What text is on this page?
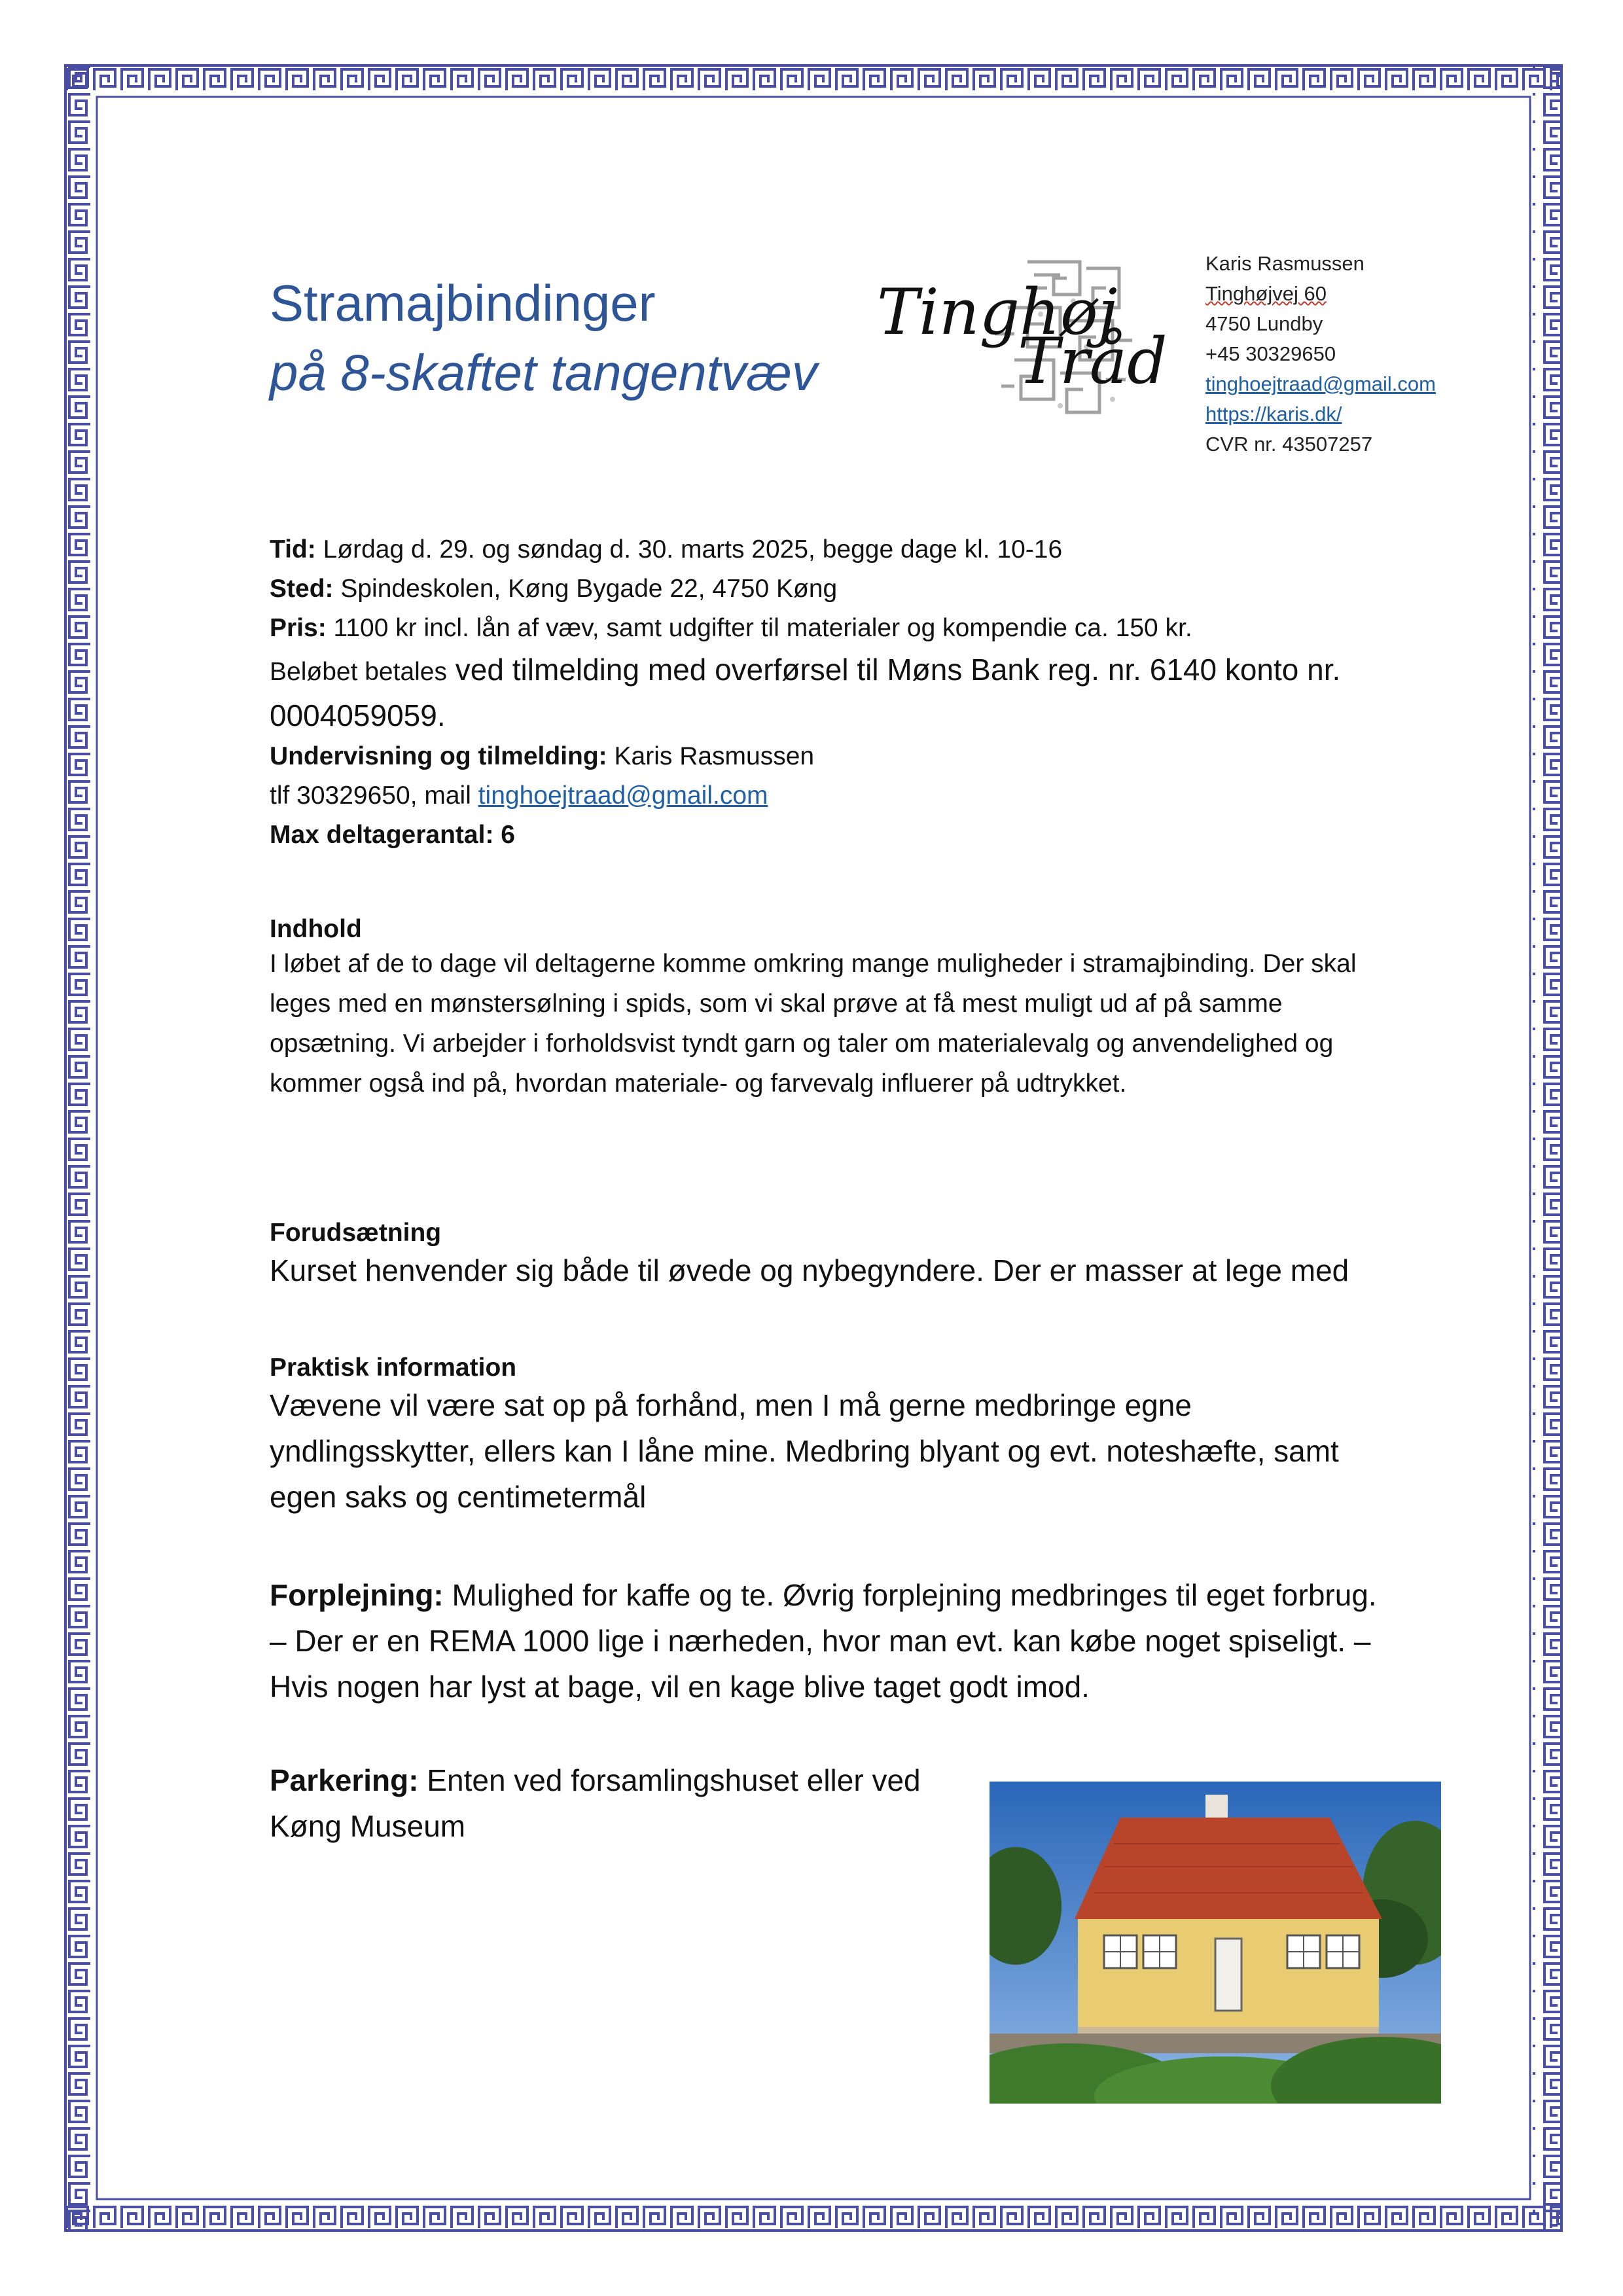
Stramajbindinger
på 8-skaftet tangentvæv
Tinghøj
Tråd
Karis Rasmussen
Tinghøjvej 60
4750 Lundby
+45 30329650
tinghoejtraad@gmail.com
https://karis.dk/
CVR nr. 43507257
Tid: Lørdag d. 29. og søndag d. 30. marts 2025, begge dage kl. 10-16
Sted: Spindeskolen, Køng Bygade 22, 4750 Køng
Pris: 1100 kr incl. lån af væv, samt udgifter til materialer og kompendie ca. 150 kr.
Beløbet betales ved tilmelding med overførsel til Møns Bank reg. nr. 6140 konto nr. 0004059059.
Undervisning og tilmelding: Karis Rasmussen
tlf 30329650, mail tinghoejtraad@gmail.com
Max deltagerantal: 6
Indhold

I løbet af de to dage vil deltagerne komme omkring mange muligheder i stramajbinding. Der skal leges med en mønstersølning i spids, som vi skal prøve at få mest muligt ud af på samme opsætning. Vi arbejder i forholdsvist tyndt garn og taler om materialevalg og anvendelighed og kommer også ind på, hvordan materiale- og farvevalg influerer på udtrykket.

Forudsætning

Kurset henvender sig både til øvede og nybegyndere. Der er masser at lege med

Praktisk information

Vævene vil være sat op på forhånd, men I må gerne medbringe egne yndlingsskytter, ellers kan I låne mine. Medbring blyant og evt. noteshæfte, samt egen saks og centimetermål

Forplejning: Mulighed for kaffe og te. Øvrig forplejning medbringes til eget forbrug. – Der er en REMA 1000 lige i nærheden, hvor man evt. kan købe noget spiseligt. – Hvis nogen har lyst at bage, vil en kage blive taget godt imod.

Parkering: Enten ved forsamlingshuset eller ved Køng Museum
